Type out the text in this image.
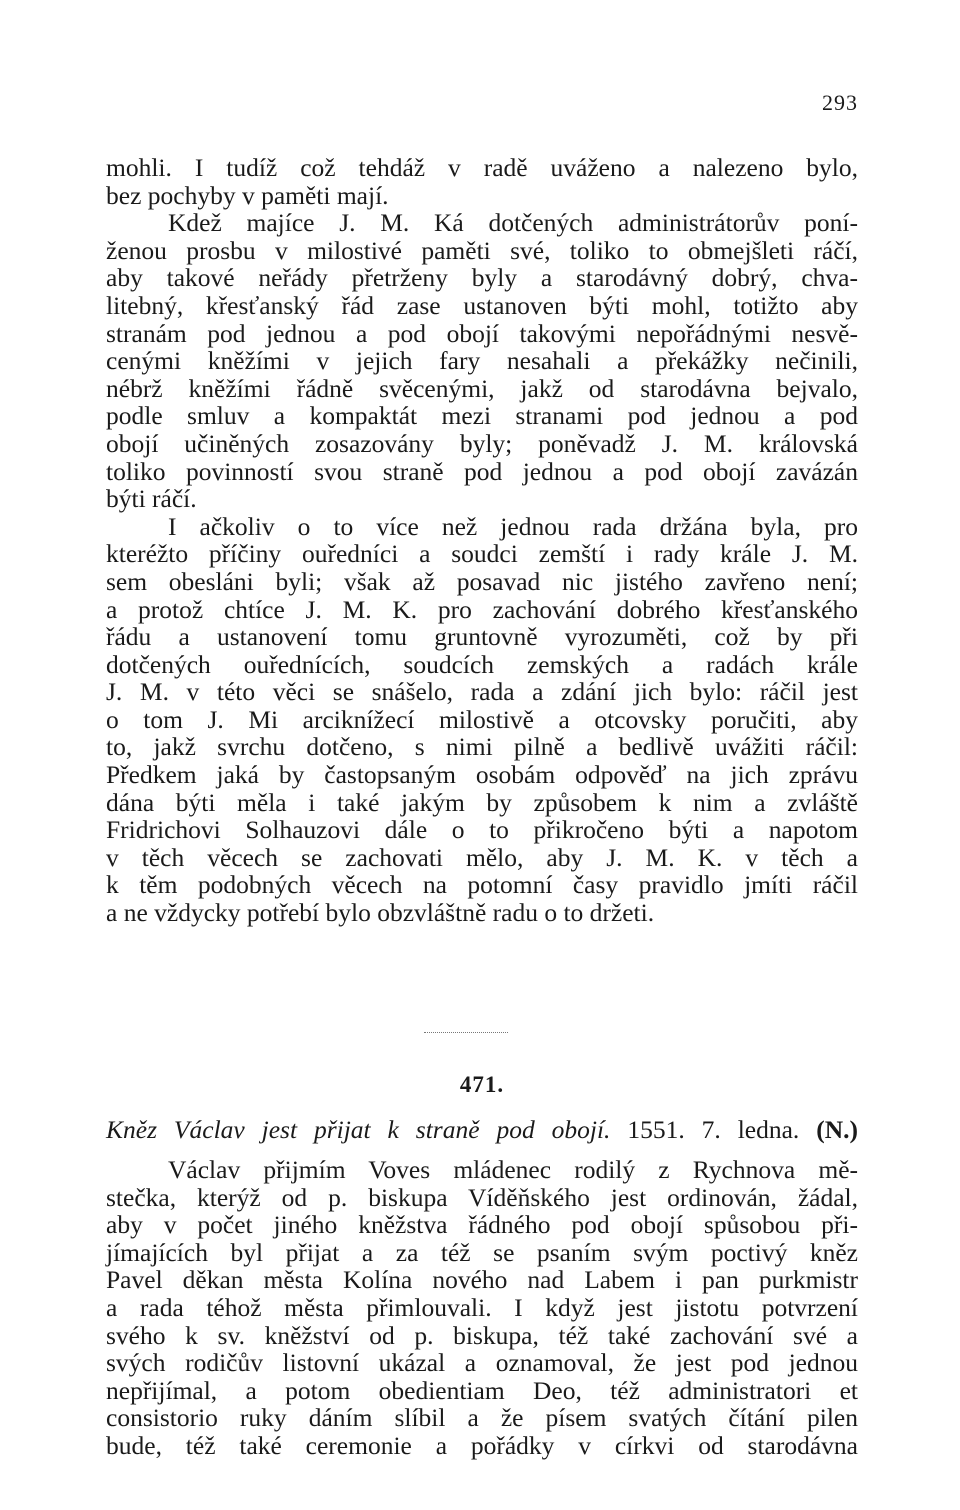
293
mohli. I tudíž což tehdáž v radě uváženo a nalezeno bylo,
bez pochyby v paměti mají.
Kdež majíce J. M. Ká dotčených administrátorův poní-
ženou prosbu v milostivé paměti své, toliko to obmejšleti ráčí,
aby takové neřády přetrženy byly a starodávný dobrý, chva-
litebný, křesťanský řád zase ustanoven býti mohl, totižto aby
stranám pod jednou a pod obojí takovými nepořádnými nesvě-
cenými kněžími v jejich fary nesahali a překážky nečinili,
nébrž kněžími řádně svěcenými, jakž od starodávna bejvalo,
podle smluv a kompaktát mezi stranami pod jednou a pod
obojí učiněných zosazovány byly; poněvadž J. M. královská
toliko povinností svou straně pod jednou a pod obojí zavázán
býti ráčí.
I ačkoliv o to více než jednou rada držána byla, pro
kteréžto příčiny ouředníci a soudci zemští i rady krále J. M.
sem obesláni byli; však až posavad nic jistého zavřeno není;
a protož chtíce J. M. K. pro zachování dobrého křesťanského
řádu a ustanovení tomu gruntovně vyrozuměti, což by při
dotčených ouřednících, soudcích zemských a radách krále
J. M. v této věci se snášelo, rada a zdání jich bylo: ráčil jest
o tom J. Mi arciknížecí milostivě a otcovsky poručiti, aby
to, jakž svrchu dotčeno, s nimi pilně a bedlivě uvážiti ráčil:
Předkem jaká by častopsaným osobám odpověď na jich zprávu
dána býti měla i také jakým by způsobem k nim a zvláště
Fridrichovi Solhauzovi dále o to přikročeno býti a napotom
v těch věcech se zachovati mělo, aby J. M. K. v těch a
k těm podobných věcech na potomní časy pravidlo jmíti ráčil
a ne vždycky potřebí bylo obzvláštně radu o to držeti.
471.
Kněz Václav jest přijat k straně pod obojí. 1551. 7. ledna. (N.)
Václav přijmím Voves mládenec rodilý z Rychnova mě-
stečka, kterýž od p. biskupa Víděňského jest ordinován, žádal,
aby v počet jiného kněžstva řádného pod obojí spůsobou při-
jímajících byl přijat a za též se psaním svým poctivý kněz
Pavel děkan města Kolína nového nad Labem i pan purkmistr
a rada téhož města přimlouvali. I když jest jistotu potvrzení
svého k sv. kněžství od p. biskupa, též také zachování své a
svých rodičův listovní ukázal a oznamoval, že jest pod jednou
nepřijímal, a potom obedientiam Deo, též administratori et
consistorio ruky dáním slíbil a že písem svatých čítání pilen
bude, též také ceremonie a pořádky v církvi od starodávna
